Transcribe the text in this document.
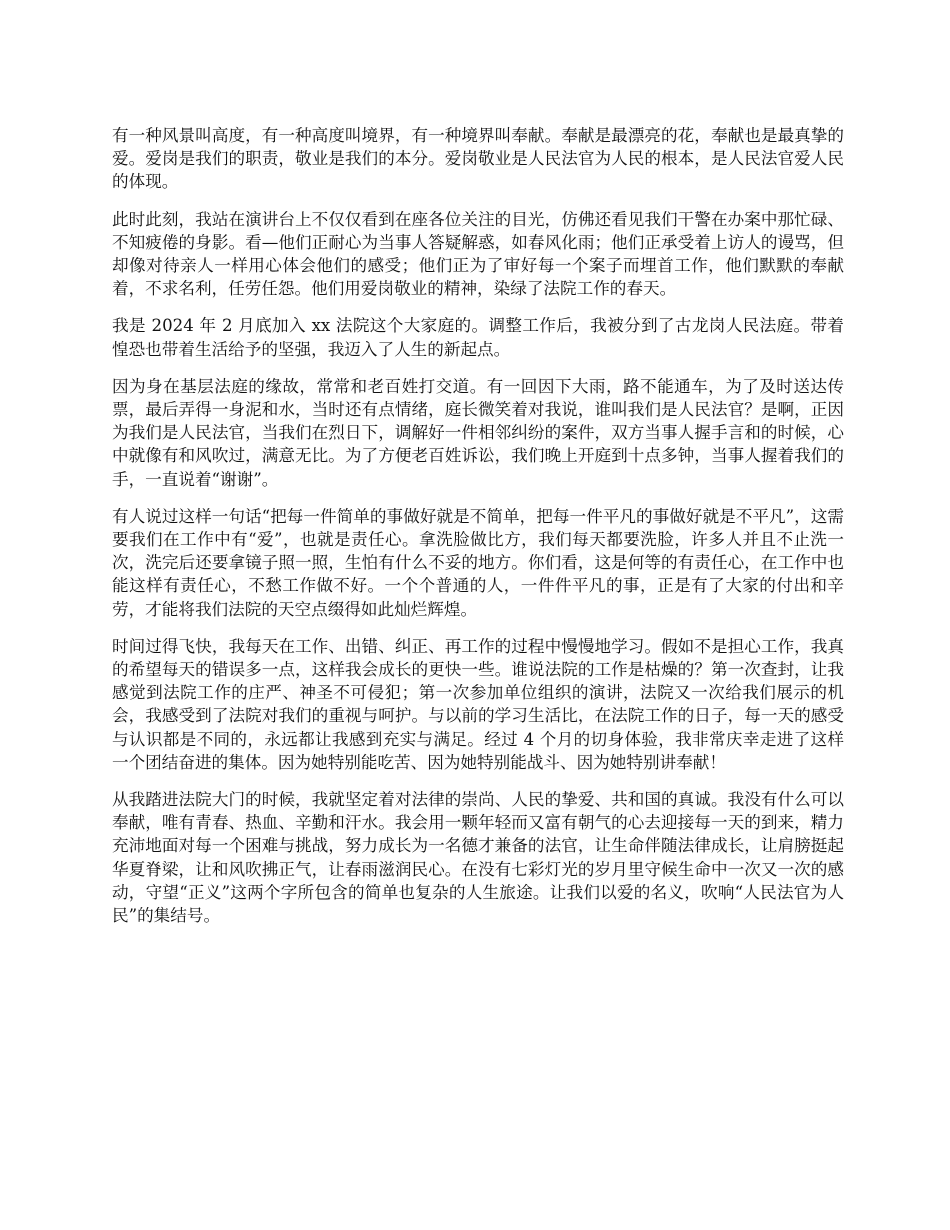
有一种风景叫高度，有一种高度叫境界，有一种境界叫奉献。奉献是最漂亮的花，奉献也是最真挚的爱。爱岗是我们的职责，敬业是我们的本分。爱岗敬业是人民法官为人民的根本，是人民法官爱人民的体现。

此时此刻，我站在演讲台上不仅仅看到在座各位关注的目光，仿佛还看见我们干警在办案中那忙碌、不知疲倦的身影。看—他们正耐心为当事人答疑解惑，如春风化雨；他们正承受着上访人的谩骂，但却像对待亲人一样用心体会他们的感受；他们正为了审好每一个案子而埋首工作，他们默默的奉献着，不求名利，任劳任怨。他们用爱岗敬业的精神，染绿了法院工作的春天。

我是 2024 年 2 月底加入 xx 法院这个大家庭的。调整工作后，我被分到了古龙岗人民法庭。带着惶恐也带着生活给予的坚强，我迈入了人生的新起点。

因为身在基层法庭的缘故，常常和老百姓打交道。有一回因下大雨，路不能通车，为了及时送达传票，最后弄得一身泥和水，当时还有点情绪，庭长微笑着对我说，谁叫我们是人民法官？是啊，正因为我们是人民法官，当我们在烈日下，调解好一件相邻纠纷的案件，双方当事人握手言和的时候，心中就像有和风吹过，满意无比。为了方便老百姓诉讼，我们晚上开庭到十点多钟，当事人握着我们的手，一直说着“谢谢”。

有人说过这样一句话“把每一件简单的事做好就是不简单，把每一件平凡的事做好就是不平凡”，这需要我们在工作中有“爱”，也就是责任心。拿洗脸做比方，我们每天都要洗脸，许多人并且不止洗一次，洗完后还要拿镜子照一照，生怕有什么不妥的地方。你们看，这是何等的有责任心，在工作中也能这样有责任心，不愁工作做不好。一个个普通的人，一件件平凡的事，正是有了大家的付出和辛劳，才能将我们法院的天空点缀得如此灿烂辉煌。

时间过得飞快，我每天在工作、出错、纠正、再工作的过程中慢慢地学习。假如不是担心工作，我真的希望每天的错误多一点，这样我会成长的更快一些。谁说法院的工作是枯燥的？第一次查封，让我感觉到法院工作的庄严、神圣不可侵犯；第一次参加单位组织的演讲，法院又一次给我们展示的机会，我感受到了法院对我们的重视与呵护。与以前的学习生活比，在法院工作的日子，每一天的感受与认识都是不同的，永远都让我感到充实与满足。经过 4 个月的切身体验，我非常庆幸走进了这样一个团结奋进的集体。因为她特别能吃苦、因为她特别能战斗、因为她特别讲奉献！

从我踏进法院大门的时候，我就坚定着对法律的崇尚、人民的挚爱、共和国的真诚。我没有什么可以奉献，唯有青春、热血、辛勤和汗水。我会用一颗年轻而又富有朝气的心去迎接每一天的到来，精力充沛地面对每一个困难与挑战，努力成长为一名德才兼备的法官，让生命伴随法律成长，让肩膀挺起华夏脊梁，让和风吹拂正气，让春雨滋润民心。在没有七彩灯光的岁月里守候生命中一次又一次的感动，守望“正义”这两个字所包含的简单也复杂的人生旅途。让我们以爱的名义，吹响“人民法官为人民”的集结号。
